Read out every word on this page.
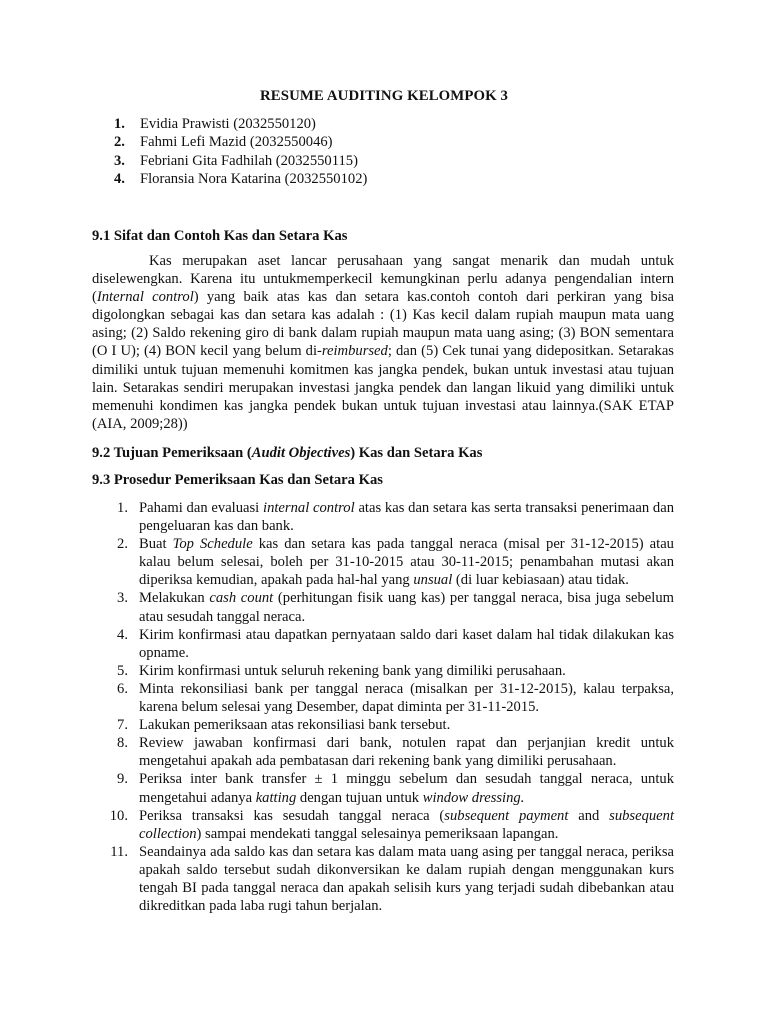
RESUME AUDITING KELOMPOK 3
1. Evidia Prawisti (2032550120)
2. Fahmi Lefi Mazid (2032550046)
3. Febriani Gita Fadhilah (2032550115)
4. Floransia Nora Katarina (2032550102)
9.1 Sifat dan Contoh Kas dan Setara Kas

Kas merupakan aset lancar perusahaan yang sangat menarik dan mudah untuk diselewengkan. Karena itu untukmemperkecil kemungkinan perlu adanya pengendalian intern (Internal control) yang baik atas kas dan setara kas.contoh contoh dari perkiran yang bisa digolongkan sebagai kas dan setara kas adalah : (1) Kas kecil dalam rupiah maupun mata uang asing; (2) Saldo rekening giro di bank dalam rupiah maupun mata uang asing; (3) BON sementara (O I U); (4) BON kecil yang belum di-reimbursed; dan (5) Cek tunai yang didepositkan. Setarakas dimiliki untuk tujuan memenuhi komitmen kas jangka pendek, bukan untuk investasi atau tujuan lain. Setarakas sendiri merupakan investasi jangka pendek dan langan likuid yang dimiliki untuk memenuhi kondimen kas jangka pendek bukan untuk tujuan investasi atau lainnya.(SAK ETAP (AIA, 2009;28))

9.2 Tujuan Pemeriksaan (Audit Objectives) Kas dan Setara Kas
9.3 Prosedur Pemeriksaan Kas dan Setara Kas
1. Pahami dan evaluasi internal control atas kas dan setara kas serta transaksi penerimaan dan pengeluaran kas dan bank.
2. Buat Top Schedule kas dan setara kas pada tanggal neraca (misal per 31-12-2015) atau kalau belum selesai, boleh per 31-10-2015 atau 30-11-2015; penambahan mutasi akan diperiksa kemudian, apakah pada hal-hal yang unsual (di luar kebiasaan) atau tidak.
3. Melakukan cash count (perhitungan fisik uang kas) per tanggal neraca, bisa juga sebelum atau sesudah tanggal neraca.
4. Kirim konfirmasi atau dapatkan pernyataan saldo dari kaset dalam hal tidak dilakukan kas opname.
5. Kirim konfirmasi untuk seluruh rekening bank yang dimiliki perusahaan.
6. Minta rekonsiliasi bank per tanggal neraca (misalkan per 31-12-2015), kalau terpaksa, karena belum selesai yang Desember, dapat diminta per 31-11-2015.
7. Lakukan pemeriksaan atas rekonsiliasi bank tersebut.
8. Review jawaban konfirmasi dari bank, notulen rapat dan perjanjian kredit untuk mengetahui apakah ada pembatasan dari rekening bank yang dimiliki perusahaan.
9. Periksa inter bank transfer ± 1 minggu sebelum dan sesudah tanggal neraca, untuk mengetahui adanya katting dengan tujuan untuk window dressing.
10. Periksa transaksi kas sesudah tanggal neraca (subsequent payment and subsequent collection) sampai mendekati tanggal selesainya pemeriksaan lapangan.
11. Seandainya ada saldo kas dan setara kas dalam mata uang asing per tanggal neraca, periksa apakah saldo tersebut sudah dikonversikan ke dalam rupiah dengan menggunakan kurs tengah BI pada tanggal neraca dan apakah selisih kurs yang terjadi sudah dibebankan atau dikreditkan pada laba rugi tahun berjalan.
